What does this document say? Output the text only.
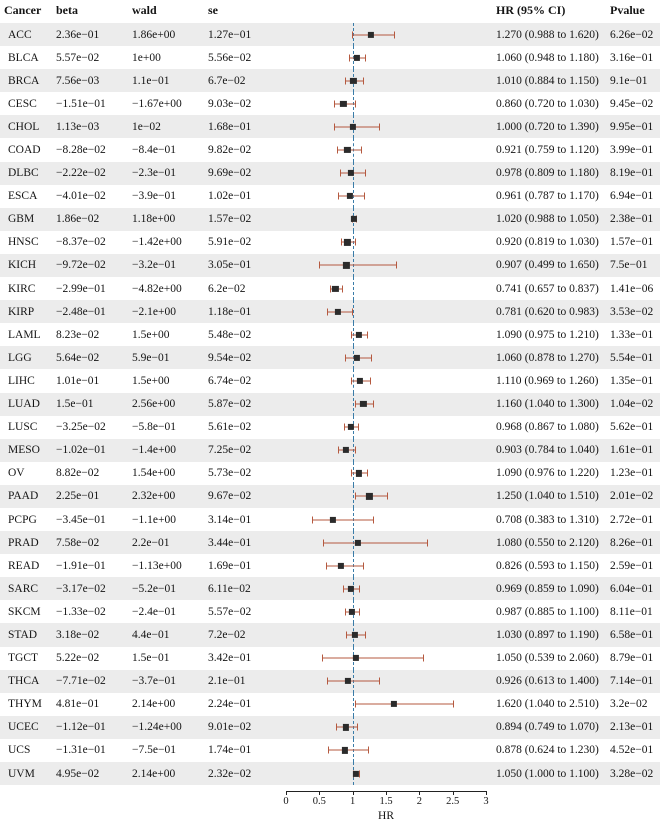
Cancer	beta	wald	se		HR (95% CI)	Pvalue

ACC	2.36e−01	1.86e+00	1.27e−01		1.270 (0.988 to 1.620)	6.26e−02

BLCA	5.57e−02	1e+00	5.56e−02		1.060 (0.948 to 1.180)	3.16e−01

BRCA	7.56e−03	1.1e−01	6.7e−02		1.010 (0.884 to 1.150)	9.1e−01

CESC	−1.51e−01	−1.67e+00	9.03e−02		0.860 (0.720 to 1.030)	9.45e−02

CHOL	1.13e−03	1e−02	1.68e−01		1.000 (0.720 to 1.390)	9.95e−01

COAD	−8.28e−02	−8.4e−01	9.82e−02		0.921 (0.759 to 1.120)	3.99e−01

DLBC	−2.22e−02	−2.3e−01	9.69e−02		0.978 (0.809 to 1.180)	8.19e−01

ESCA	−4.01e−02	−3.9e−01	1.02e−01		0.961 (0.787 to 1.170)	6.94e−01

GBM	1.86e−02	1.18e+00	1.57e−02		1.020 (0.988 to 1.050)	2.38e−01

HNSC	−8.37e−02	−1.42e+00	5.91e−02		0.920 (0.819 to 1.030)	1.57e−01

KICH	−9.72e−02	−3.2e−01	3.05e−01		0.907 (0.499 to 1.650)	7.5e−01

KIRC	−2.99e−01	−4.82e+00	6.2e−02		0.741 (0.657 to 0.837)	1.41e−06

KIRP	−2.48e−01	−2.1e+00	1.18e−01		0.781 (0.620 to 0.983)	3.53e−02

LAML	8.23e−02	1.5e+00	5.48e−02		1.090 (0.975 to 1.210)	1.33e−01

LGG	5.64e−02	5.9e−01	9.54e−02		1.060 (0.878 to 1.270)	5.54e−01

LIHC	1.01e−01	1.5e+00	6.74e−02		1.110 (0.969 to 1.260)	1.35e−01

LUAD	1.5e−01	2.56e+00	5.87e−02		1.160 (1.040 to 1.300)	1.04e−02

LUSC	−3.25e−02	−5.8e−01	5.61e−02		0.968 (0.867 to 1.080)	5.62e−01

MESO	−1.02e−01	−1.4e+00	7.25e−02		0.903 (0.784 to 1.040)	1.61e−01

OV	8.82e−02	1.54e+00	5.73e−02		1.090 (0.976 to 1.220)	1.23e−01

PAAD	2.25e−01	2.32e+00	9.67e−02		1.250 (1.040 to 1.510)	2.01e−02

PCPG	−3.45e−01	−1.1e+00	3.14e−01		0.708 (0.383 to 1.310)	2.72e−01

PRAD	7.58e−02	2.2e−01	3.44e−01		1.080 (0.550 to 2.120)	8.26e−01

READ	−1.91e−01	−1.13e+00	1.69e−01		0.826 (0.593 to 1.150)	2.59e−01

SARC	−3.17e−02	−5.2e−01	6.11e−02		0.969 (0.859 to 1.090)	6.04e−01

SKCM	−1.33e−02	−2.4e−01	5.57e−02		0.987 (0.885 to 1.100)	8.11e−01

STAD	3.18e−02	4.4e−01	7.2e−02		1.030 (0.897 to 1.190)	6.58e−01

TGCT	5.22e−02	1.5e−01	3.42e−01		1.050 (0.539 to 2.060)	8.79e−01

THCA	−7.71e−02	−3.7e−01	2.1e−01		0.926 (0.613 to 1.400)	7.14e−01

THYM	4.81e−01	2.14e+00	2.24e−01		1.620 (1.040 to 2.510)	3.2e−02

UCEC	−1.12e−01	−1.24e+00	9.01e−02		0.894 (0.749 to 1.070)	2.13e−01

UCS	−1.31e−01	−7.5e−01	1.74e−01		0.878 (0.624 to 1.230)	4.52e−01

UVM	4.95e−02	2.14e+00	2.32e−02		1.050 (1.000 to 1.100)	3.28e−02
0 0.5 1 1.5 2 2.5 3
HR
